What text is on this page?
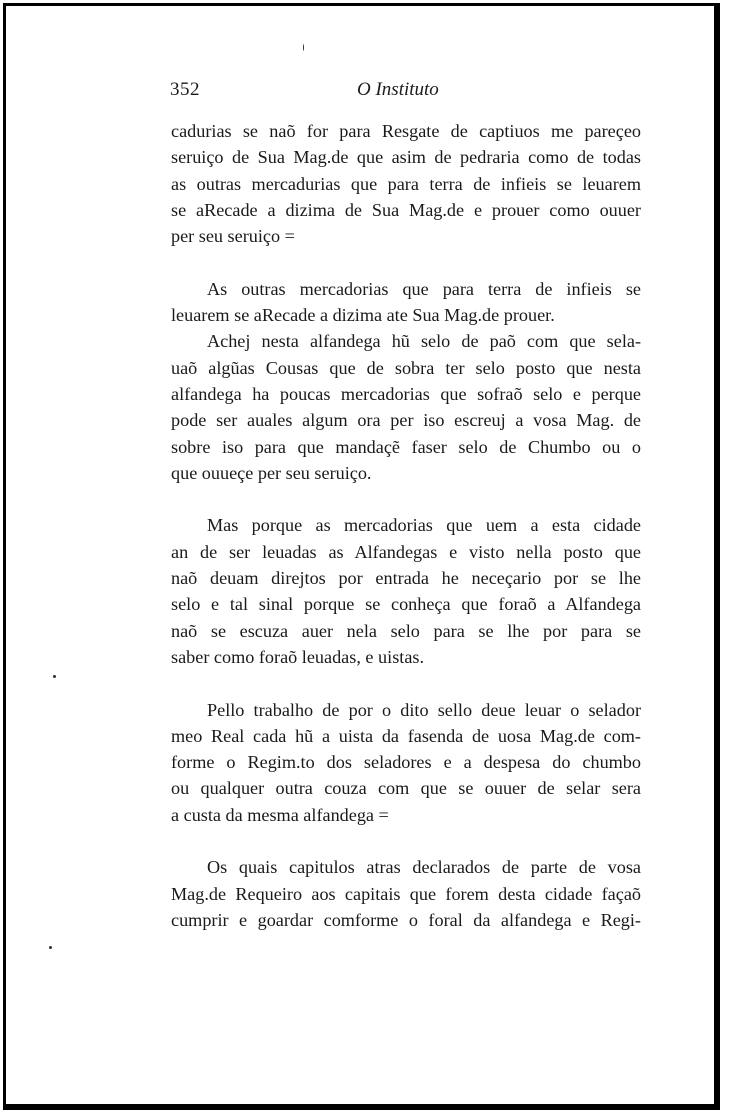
352	O Instituto

cadurias se naõ for para Resgate de captiuos me pareçeo

seruiço de Sua Mag.de que asim de pedraria como de todas

as outras mercadurias que para terra de infieis se leuarem

se aRecade a dizima de Sua Mag.de e prouer como ouuer

per seu seruiço =

As outras mercadorias que para terra de infieis se

leuarem se aRecade a dizima ate Sua Mag.de prouer.

Achej nesta alfandega hũ selo de paõ com que sela-

uaõ algũas Cousas que de sobra ter selo posto que nesta

alfandega ha poucas mercadorias que sofraõ selo e perque

pode ser auales algum ora per iso escreuj a vosa Mag. de

sobre iso para que mandaçẽ faser selo de Chumbo ou o

que ouueçe per seu seruiço.

Mas porque as mercadorias que uem a esta cidade

an de ser leuadas as Alfandegas e visto nella posto que

naõ deuam direjtos por entrada he neceçario por se lhe

selo e tal sinal porque se conheça que foraõ a Alfandega

naõ se escuza auer nela selo para se lhe por para se

saber como foraõ leuadas, e uistas.

Pello trabalho de por o dito sello deue leuar o selador

meo Real cada hũ a uista da fasenda de uosa Mag.de com-

forme o Regim.to dos seladores e a despesa do chumbo

ou qualquer outra couza com que se ouuer de selar sera

a custa da mesma alfandega =

Os quais capitulos atras declarados de parte de vosa

Mag.de Requeiro aos capitais que forem desta cidade façaõ

cumprir e goardar comforme o foral da alfandega e Regi-
